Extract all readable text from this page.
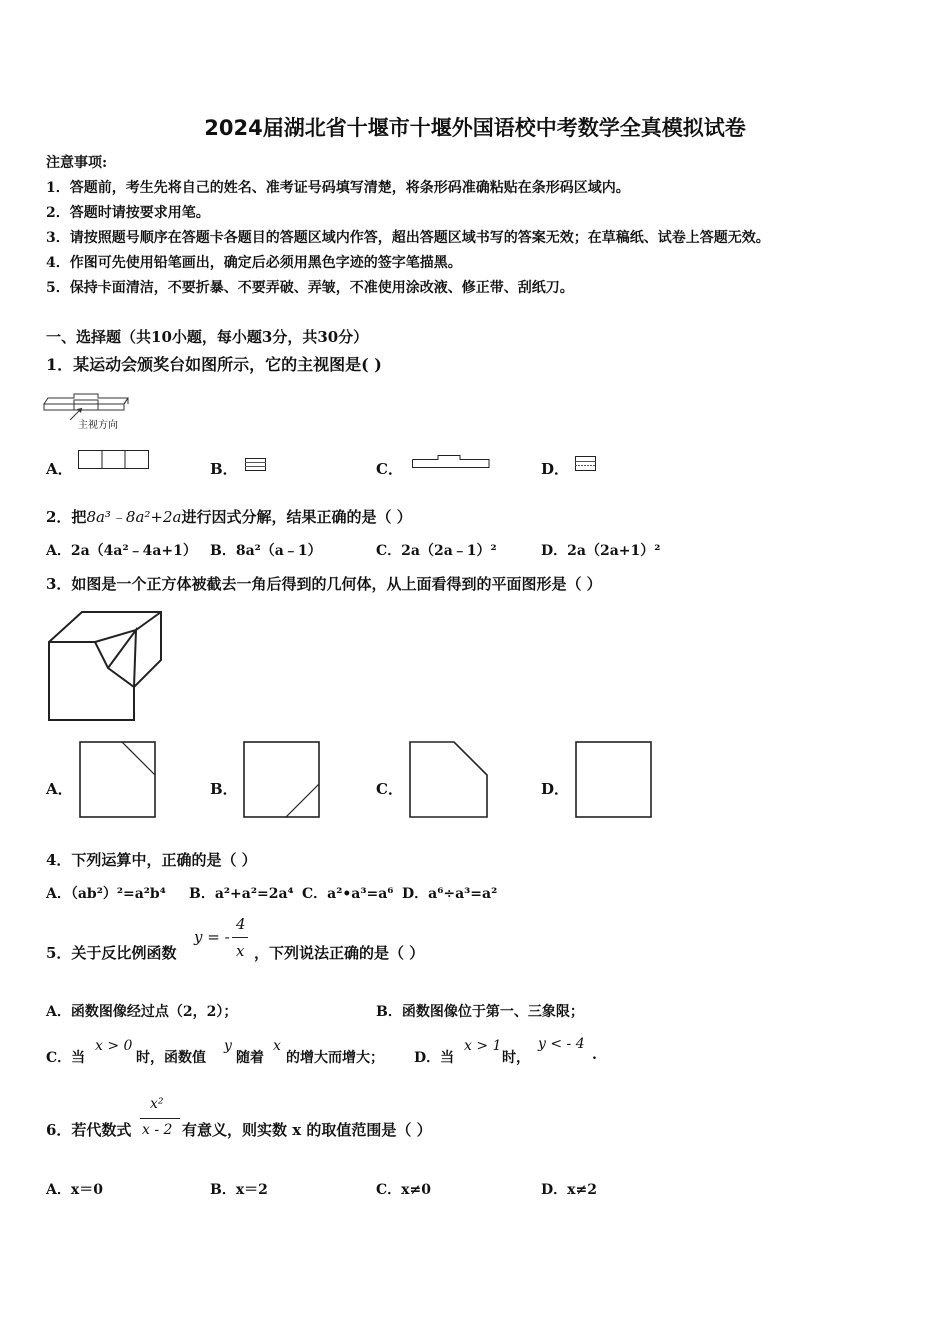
2024届湖北省十堰市十堰外国语校中考数学全真模拟试卷
注意事项:
1．答题前，考生先将自己的姓名、准考证号码填写清楚，将条形码准确粘贴在条形码区域内。
2．答题时请按要求用笔。
3．请按照题号顺序在答题卡各题目的答题区域内作答，超出答题区域书写的答案无效；在草稿纸、试卷上答题无效。
4．作图可先使用铅笔画出，确定后必须用黑色字迹的签字笔描黑。
5．保持卡面清洁，不要折暴、不要弄破、弄皱，不准使用涂改液、修正带、刮纸刀。
一、选择题（共10小题，每小题3分，共30分）
1．某运动会颁奖台如图所示，它的主视图是( )
主视方向
A．	B．	C．	D．
2．把8a³﹣8a²+2a进行因式分解，结果正确的是（ ）
A．2a（4a²﹣4a+1） B．8a²（a﹣1）	C．2a（2a﹣1）²	D．2a（2a+1）²
3．如图是一个正方体被截去一角后得到的几何体，从上面看得到的平面图形是（ ）
A．	B．	C．	D．
4．下列运算中，正确的是（ ）
A．（ab²）²=a²b⁴ B．a²+a²=2a⁴ C．a²•a³=a⁶ D．a⁶÷a³=a²
5．关于反比例函数
y = -
4
x ，下列说法正确的是（ ）
A．函数图像经过点（2，2）；	B．函数图像位于第一、三象限；
C．当
x > 0
时，函数值
y
随着
x
的增大而增大； D．当
x > 1
时，
y < - 4
.
6．若代数式
x²
x - 2 有意义，则实数 x 的取值范围是（ ）
A．x＝0	B．x＝2	C．x≠0	D．x≠2
